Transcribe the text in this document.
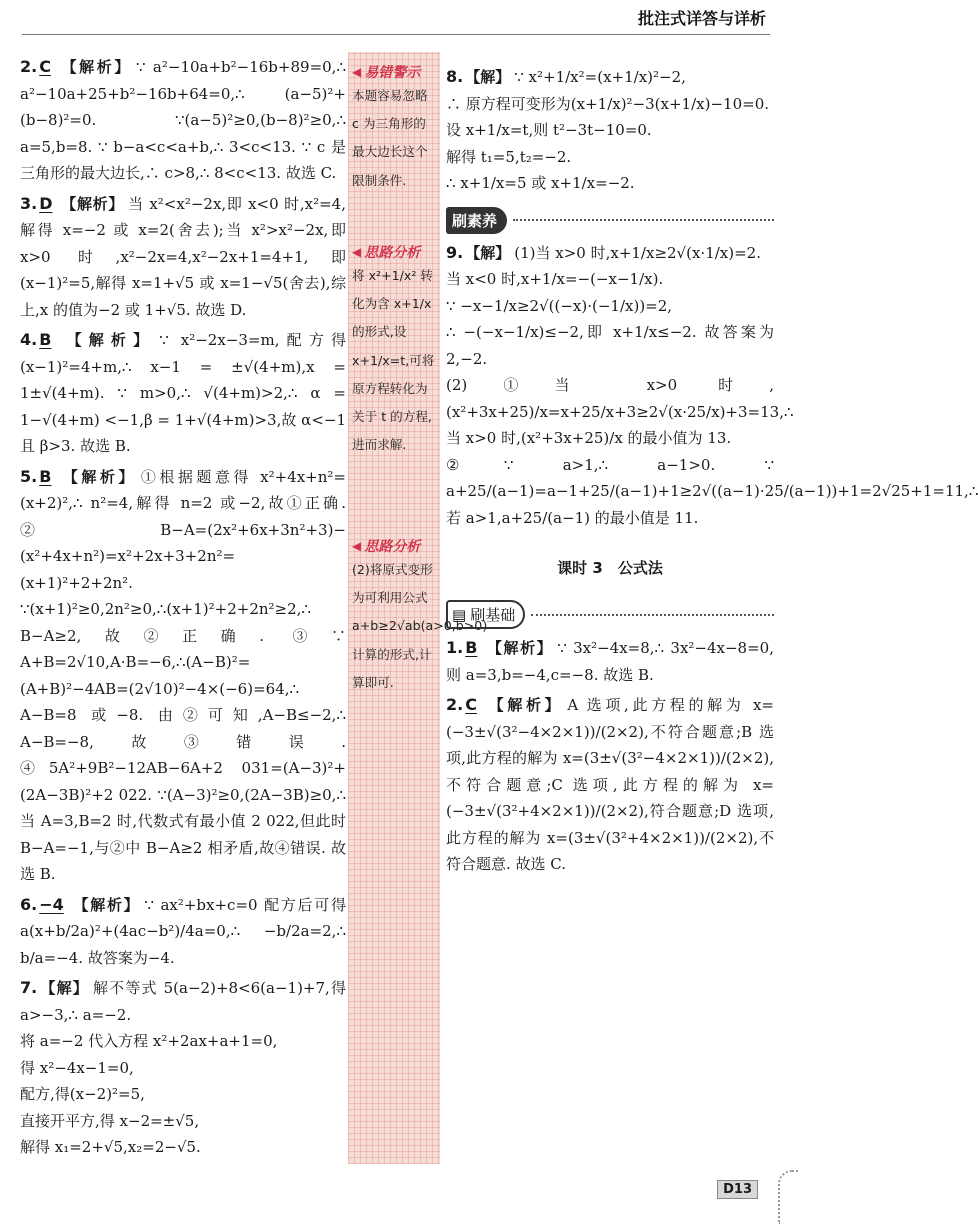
批注式详答与详析

2. C 【解析】 ∵ a²−10a+b²−16b+89=0,∴ a²−10a+25+b²−16b+64=0,∴ (a−5)²+(b−8)²=0. ∵(a−5)²≥0,(b−8)²≥0,∴ a=5,b=8. ∵ b−a<c<a+b,∴ 3<c<13. ∵ c 是三角形的最大边长,∴ c>8,∴ 8<c<13. 故选 C.

3. D 【解析】 当 x²<x²−2x,即 x<0 时,x²=4,解得 x=−2 或 x=2(舍去);当 x²>x²−2x,即 x>0 时,x²−2x=4,x²−2x+1=4+1,即(x−1)²=5,解得 x=1+√5 或 x=1−√5(舍去),综上,x 的值为−2 或 1+√5. 故选 D.

4. B 【解析】 ∵ x²−2x−3=m,配方得(x−1)²=4+m,∴ x−1 = ±√(4+m),x = 1±√(4+m). ∵ m>0,∴ √(4+m)>2,∴ α = 1−√(4+m) <−1,β = 1+√(4+m)>3,故 α<−1 且 β>3. 故选 B.

5. B 【解析】 ①根据题意得 x²+4x+n²=(x+2)²,∴ n²=4,解得 n=2 或−2,故①正确. ②B−A=(2x²+6x+3n²+3)−(x²+4x+n²)=x²+2x+3+2n²=(x+1)²+2+2n². ∵(x+1)²≥0,2n²≥0,∴(x+1)²+2+2n²≥2,∴ B−A≥2,故②正确. ③∵ A+B=2√10,A·B=−6,∴(A−B)²=(A+B)²−4AB=(2√10)²−4×(−6)=64,∴ A−B=8 或−8. 由②可知,A−B≤−2,∴ A−B=−8,故③错误. ④5A²+9B²−12AB−6A+2 031=(A−3)²+(2A−3B)²+2 022. ∵(A−3)²≥0,(2A−3B)≥0,∴ 当 A=3,B=2 时,代数式有最小值 2 022,但此时 B−A=−1,与②中 B−A≥2 相矛盾,故④错误. 故选 B.

6. −4 【解析】 ∵ ax²+bx+c=0 配方后可得 a(x+b/2a)²+(4ac−b²)/4a=0,∴ −b/2a=2,∴ b/a=−4. 故答案为−4.

7. 【解】 解不等式 5(a−2)+8<6(a−1)+7,得 a>−3,∴ a=−2.

将 a=−2 代入方程 x²+2ax+a+1=0,

得 x²−4x−1=0,

配方,得(x−2)²=5,

直接开平方,得 x−2=±√5,

解得 x₁=2+√5,x₂=2−√5.

◀ 易错警示

本题容易忽略 c 为三角形的最大边长这个限制条件.

◀ 思路分析

将 x²+1/x² 转化为含 x+1/x 的形式,设 x+1/x=t,可将原方程转化为关于 t 的方程,进而求解.

◀ 思路分析

(2)将原式变形为可利用公式 a+b≥2√ab(a>0,b>0)计算的形式,计算即可.

8. 【解】 ∵ x²+1/x²=(x+1/x)²−2,

∴ 原方程可变形为(x+1/x)²−3(x+1/x)−10=0.

设 x+1/x=t,则 t²−3t−10=0.

解得 t₁=5,t₂=−2.

∴ x+1/x=5 或 x+1/x=−2.

刷素养

9. 【解】 (1)当 x>0 时,x+1/x≥2√(x·1/x)=2.

当 x<0 时,x+1/x=−(−x−1/x).

∵ −x−1/x≥2√((−x)·(−1/x))=2,

∴ −(−x−1/x)≤−2,即 x+1/x≤−2. 故答案为 2,−2.

(2)①当 x>0 时,(x²+3x+25)/x=x+25/x+3≥2√(x·25/x)+3=13,∴ 当 x>0 时,(x²+3x+25)/x 的最小值为 13.

②∵ a>1,∴ a−1>0. ∵ a+25/(a−1)=a−1+25/(a−1)+1≥2√((a−1)·25/(a−1))+1=2√25+1=11,∴ 若 a>1,a+25/(a−1) 的最小值是 11.

课时 3　公式法
▤ 刷基础

1. B 【解析】 ∵ 3x²−4x=8,∴ 3x²−4x−8=0,则 a=3,b=−4,c=−8. 故选 B.

2. C 【解析】 A 选项,此方程的解为 x=(−3±√(3²−4×2×1))/(2×2),不符合题意;B 选项,此方程的解为 x=(3±√(3²−4×2×1))/(2×2),不符合题意;C 选项,此方程的解为 x=(−3±√(3²+4×2×1))/(2×2),符合题意;D 选项,此方程的解为 x=(3±√(3²+4×2×1))/(2×2),不符合题意. 故选 C.

D13
